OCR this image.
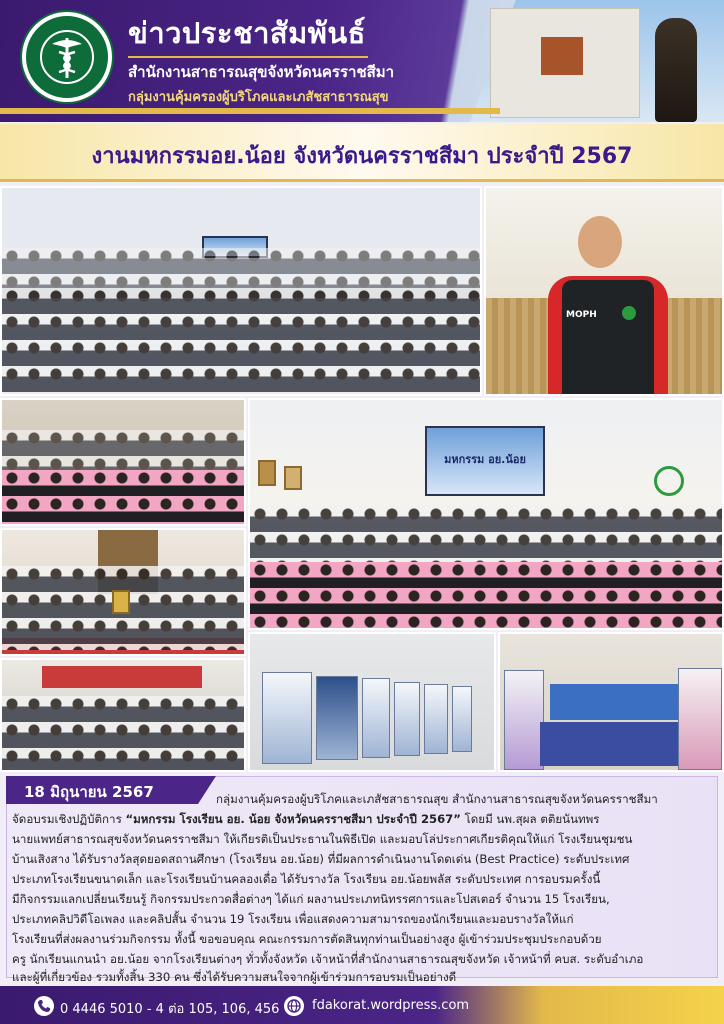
ข่าวประชาสัมพันธ์
สำนักงานสาธารณสุขจังหวัดนครราชสีมา
กลุ่มงานคุ้มครองผู้บริโภคและเภสัชสาธารณสุข
งานมหกรรมอย.น้อย จังหวัดนครราชสีมา ประจำปี 2567
MOPH
มหกรรม อย.น้อย
18 มิถุนายน 2567	กลุ่มงานคุ้มครองผู้บริโภคและเภสัชสาธารณสุข สำนักงานสาธารณสุขจังหวัดนครราชสีมา
จัดอบรมเชิงปฏิบัติการ “มหกรรม โรงเรียน อย. น้อย จังหวัดนครราชสีมา ประจำปี 2567” โดยมี นพ.สุผล ตติยนันทพร
นายแพทย์สาธารณสุขจังหวัดนครราชสีมา ให้เกียรติเป็นประธานในพิธีเปิด และมอบโล่ประกาศเกียรติคุณให้แก่ โรงเรียนชุมชน
บ้านเสิงสาง ได้รับรางวัลสุดยอดสถานศึกษา (โรงเรียน อย.น้อย) ที่มีผลการดำเนินงานโดดเด่น (Best Practice) ระดับประเทศ
ประเภทโรงเรียนขนาดเล็ก และโรงเรียนบ้านคลองเดื่อ ได้รับรางวัล โรงเรียน อย.น้อยพลัส ระดับประเทศ การอบรมครั้งนี้
มีกิจกรรมแลกเปลี่ยนเรียนรู้ กิจกรรมประกวดสื่อต่างๆ ได้แก่ ผลงานประเภทนิทรรศการและโปสเตอร์ จำนวน 15 โรงเรียน,
ประเภทคลิปวิดีโอเพลง และคลิปสั้น จำนวน 19 โรงเรียน เพื่อแสดงความสามารถของนักเรียนและมอบรางวัลให้แก่
โรงเรียนที่ส่งผลงานร่วมกิจกรรม ทั้งนี้ ขอขอบคุณ คณะกรรมการตัดสินทุกท่านเป็นอย่างสูง ผู้เข้าร่วมประชุมประกอบด้วย
ครู นักเรียนแกนนำ อย.น้อย จากโรงเรียนต่างๆ ทั่วทั้งจังหวัด เจ้าหน้าที่สำนักงานสาธารณสุขจังหวัด เจ้าหน้าที่ คบส. ระดับอำเภอ
และผู้ที่เกี่ยวข้อง รวมทั้งสิ้น 330 คน ซึ่งได้รับความสนใจจากผู้เข้าร่วมการอบรมเป็นอย่างดี
0 4446 5010 - 4 ต่อ 105, 106, 456	fdakorat.wordpress.com
